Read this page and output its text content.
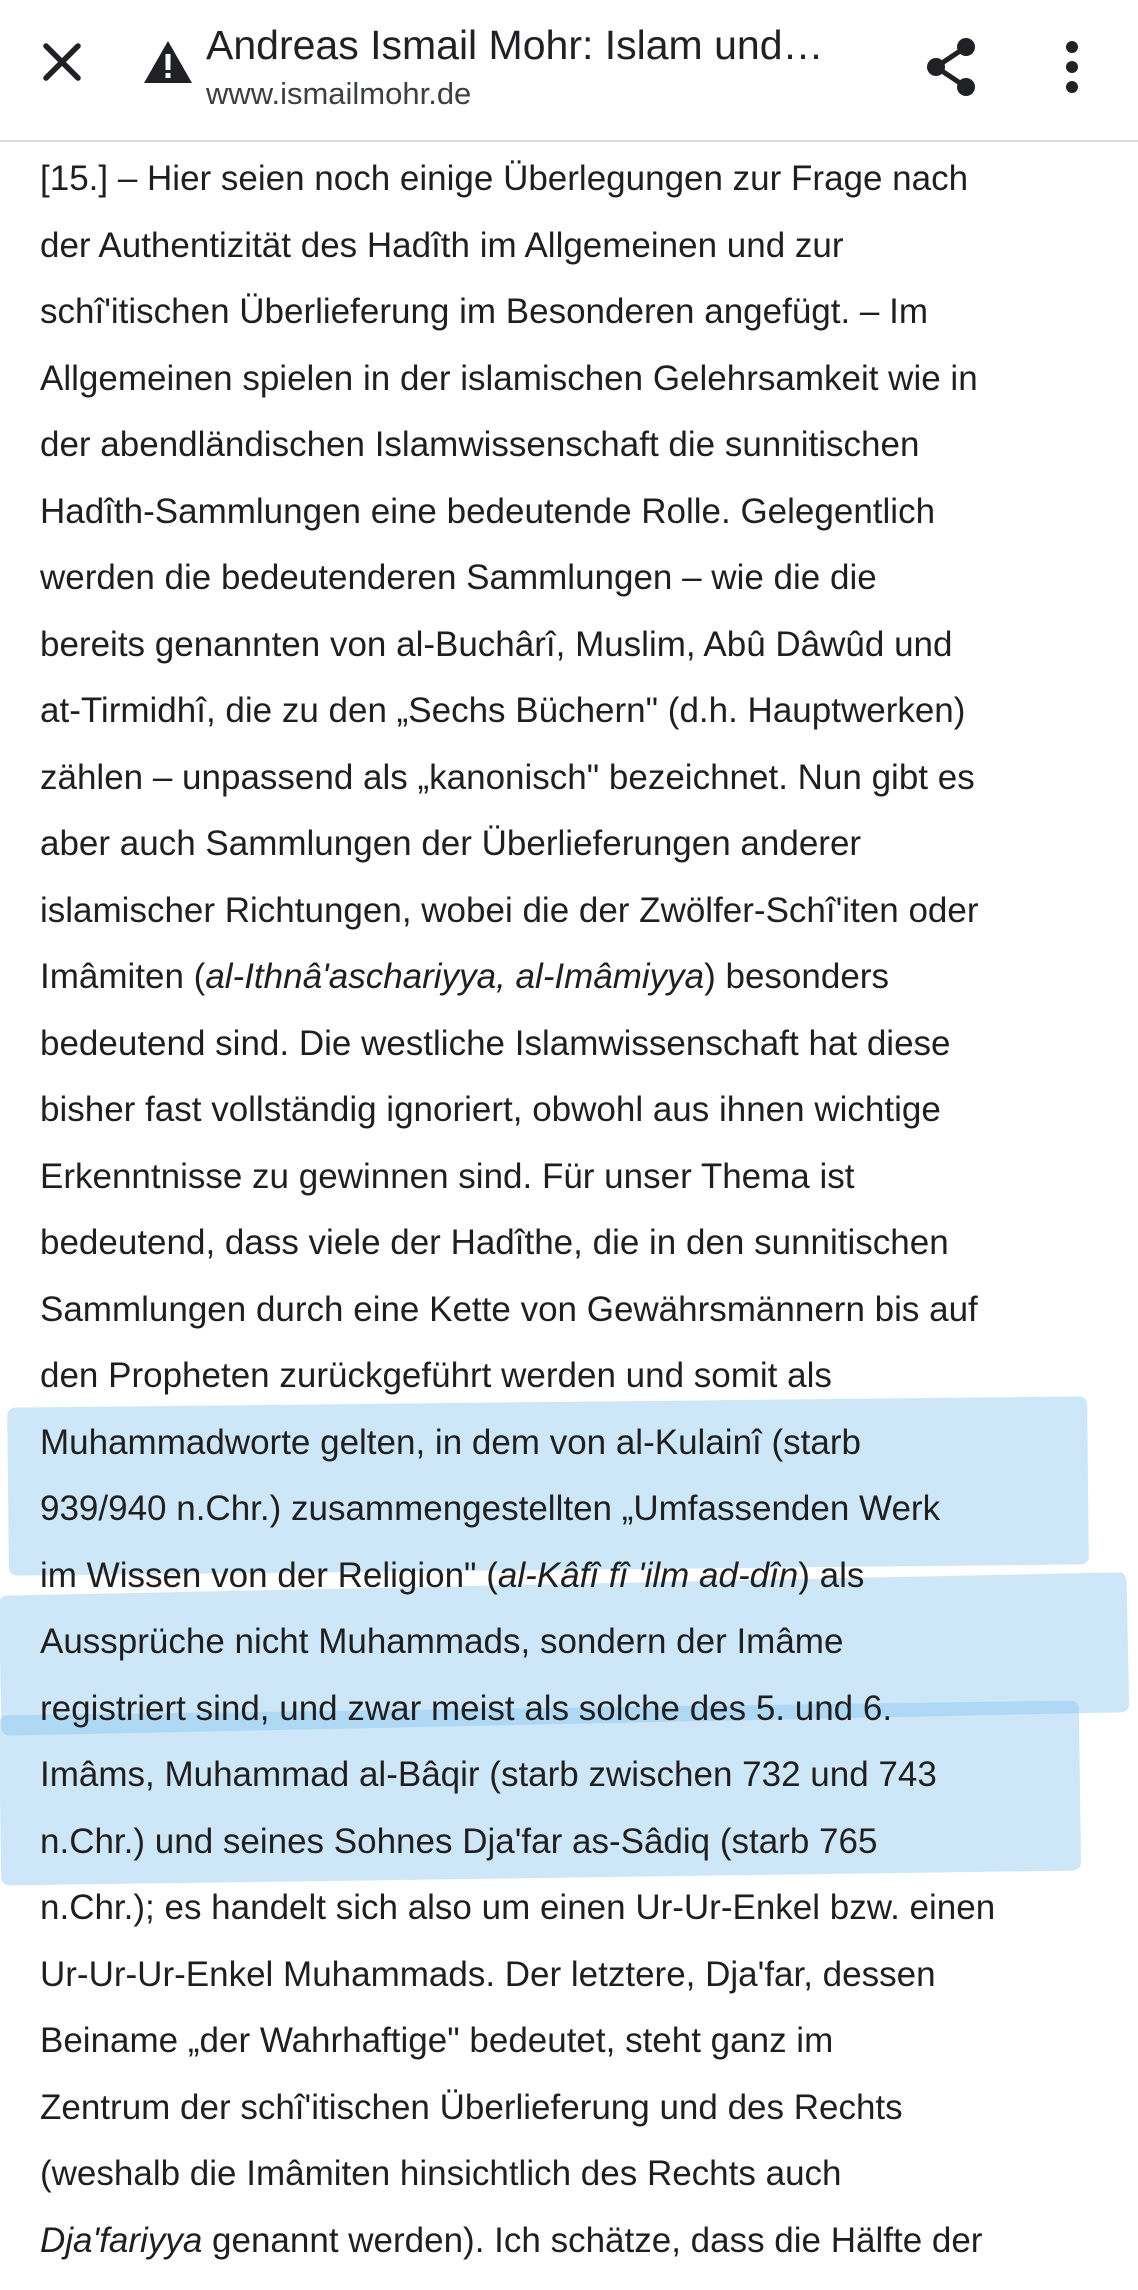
Andreas Ismail Mohr: Islam und…
www.ismailmohr.de
[15.] – Hier seien noch einige Überlegungen zur Frage nach
der Authentizität des Hadîth im Allgemeinen und zur
schî'itischen Überlieferung im Besonderen angefügt. – Im
Allgemeinen spielen in der islamischen Gelehrsamkeit wie in
der abendländischen Islamwissenschaft die sunnitischen
Hadîth-Sammlungen eine bedeutende Rolle. Gelegentlich
werden die bedeutenderen Sammlungen – wie die die
bereits genannten von al-Buchârî, Muslim, Abû Dâwûd und
at-Tirmidhî, die zu den „Sechs Büchern" (d.h. Hauptwerken)
zählen – unpassend als „kanonisch" bezeichnet. Nun gibt es
aber auch Sammlungen der Überlieferungen anderer
islamischer Richtungen, wobei die der Zwölfer-Schî'iten oder
Imâmiten (al-Ithnâ'aschariyya, al-Imâmiyya) besonders
bedeutend sind. Die westliche Islamwissenschaft hat diese
bisher fast vollständig ignoriert, obwohl aus ihnen wichtige
Erkenntnisse zu gewinnen sind. Für unser Thema ist
bedeutend, dass viele der Hadîthe, die in den sunnitischen
Sammlungen durch eine Kette von Gewährsmännern bis auf
den Propheten zurückgeführt werden und somit als
Muhammadworte gelten, in dem von al-Kulainî (starb
939/940 n.Chr.) zusammengestellten „Umfassenden Werk
im Wissen von der Religion" (al-Kâfî fî 'ilm ad-dîn) als
Aussprüche nicht Muhammads, sondern der Imâme
registriert sind, und zwar meist als solche des 5. und 6.
Imâms, Muhammad al-Bâqir (starb zwischen 732 und 743
n.Chr.) und seines Sohnes Dja'far as-Sâdiq (starb 765
n.Chr.); es handelt sich also um einen Ur-Ur-Enkel bzw. einen
Ur-Ur-Ur-Enkel Muhammads. Der letztere, Dja'far, dessen
Beiname „der Wahrhaftige" bedeutet, steht ganz im
Zentrum der schî'itischen Überlieferung und des Rechts
(weshalb die Imâmiten hinsichtlich des Rechts auch
Dja'fariyya genannt werden). Ich schätze, dass die Hälfte der
